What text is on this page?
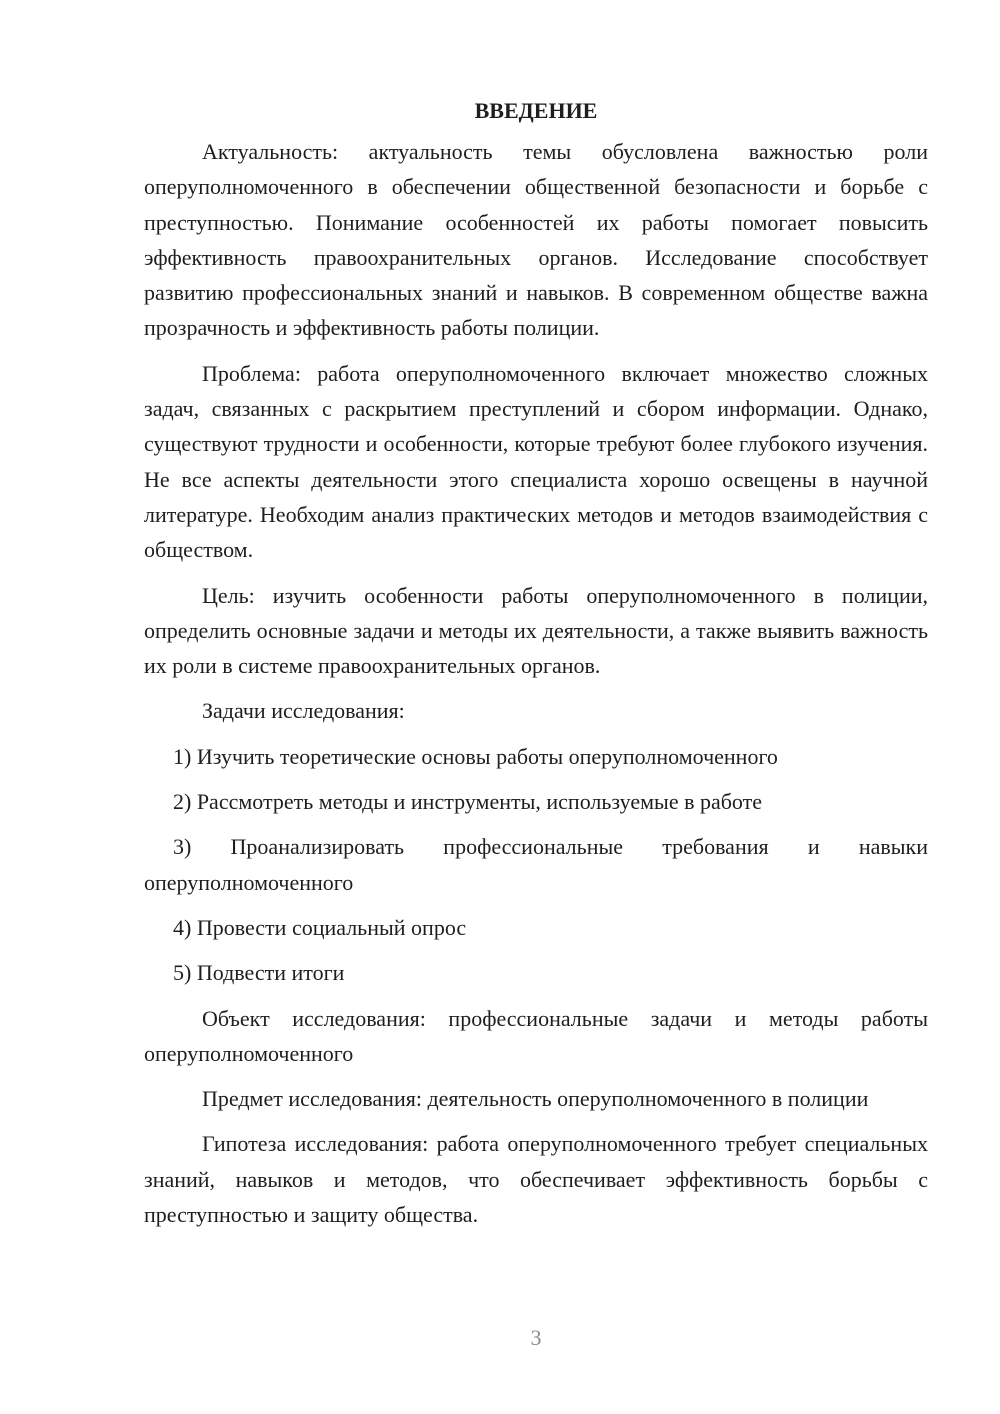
ВВЕДЕНИЕ

Актуальность: актуальность темы обусловлена важностью роли оперуполномоченного в обеспечении общественной безопасности и борьбе с преступностью. Понимание особенностей их работы помогает повысить эффективность правоохранительных органов. Исследование способствует развитию профессиональных знаний и навыков. В современном обществе важна прозрачность и эффективность работы полиции.

Проблема: работа оперуполномоченного включает множество сложных задач, связанных с раскрытием преступлений и сбором информации. Однако, существуют трудности и особенности, которые требуют более глубокого изучения. Не все аспекты деятельности этого специалиста хорошо освещены в научной литературе. Необходим анализ практических методов и методов взаимодействия с обществом.

Цель: изучить особенности работы оперуполномоченного в полиции, определить основные задачи и методы их деятельности, а также выявить важность их роли в системе правоохранительных органов.

Задачи исследования:

1) Изучить теоретические основы работы оперуполномоченного

2) Рассмотреть методы и инструменты, используемые в работе

3) Проанализировать профессиональные требования и навыки оперуполномоченного

4) Провести социальный опрос

5) Подвести итоги

Объект исследования: профессиональные задачи и методы работы оперуполномоченного

Предмет исследования: деятельность оперуполномоченного в полиции

Гипотеза исследования: работа оперуполномоченного требует специальных знаний, навыков и методов, что обеспечивает эффективность борьбы с преступностью и защиту общества.

3
